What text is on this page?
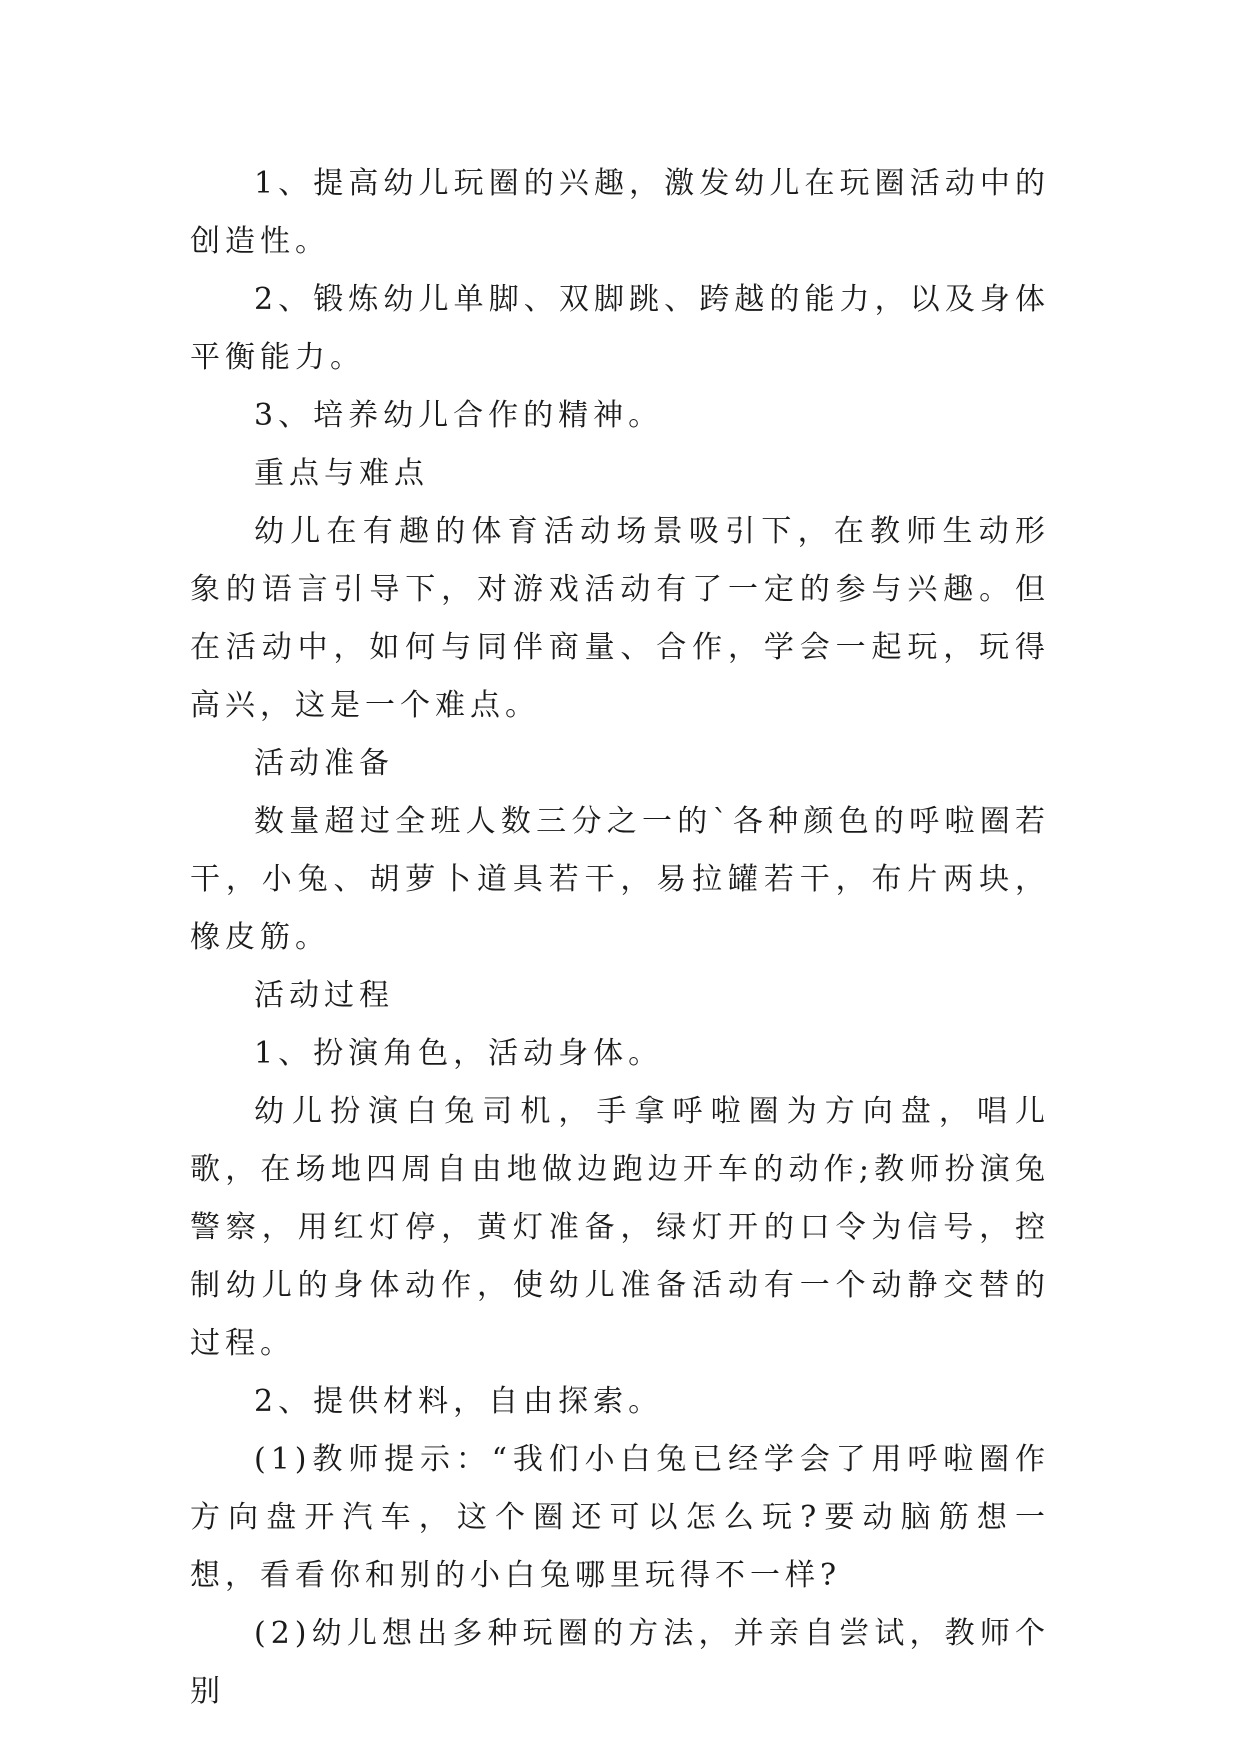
1、提高幼儿玩圈的兴趣，激发幼儿在玩圈活动中的创造性。

2、锻炼幼儿单脚、双脚跳、跨越的能力，以及身体平衡能力。

3、培养幼儿合作的精神。

重点与难点

幼儿在有趣的体育活动场景吸引下，在教师生动形象的语言引导下，对游戏活动有了一定的参与兴趣。但在活动中，如何与同伴商量、合作，学会一起玩，玩得高兴，这是一个难点。

活动准备

数量超过全班人数三分之一的`各种颜色的呼啦圈若干，小兔、胡萝卜道具若干，易拉罐若干，布片两块，橡皮筋。

活动过程

1、扮演角色，活动身体。

幼儿扮演白兔司机，手拿呼啦圈为方向盘，唱儿歌，在场地四周自由地做边跑边开车的动作;教师扮演兔警察，用红灯停，黄灯准备，绿灯开的口令为信号，控制幼儿的身体动作，使幼儿准备活动有一个动静交替的过程。

2、提供材料，自由探索。

(1)教师提示：“我们小白兔已经学会了用呼啦圈作方向盘开汽车，这个圈还可以怎么玩?要动脑筋想一想，看看你和别的小白兔哪里玩得不一样?

(2)幼儿想出多种玩圈的方法，并亲自尝试，教师个别
